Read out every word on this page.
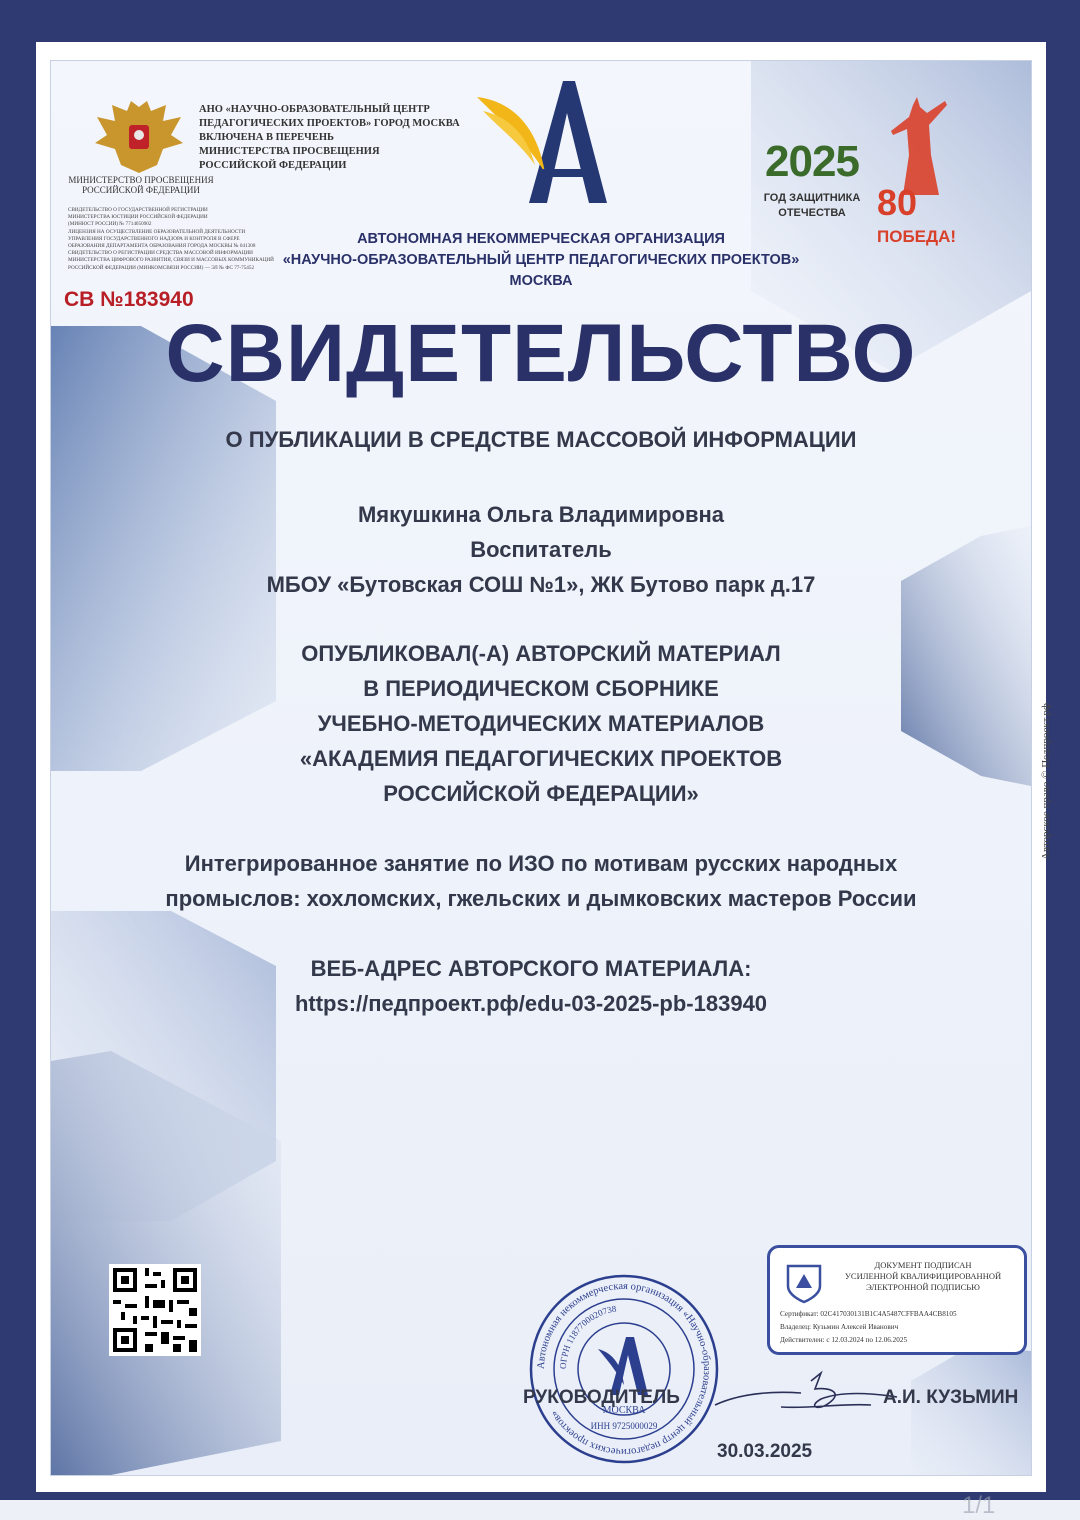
МИНИСТЕРСТВО ПРОСВЕЩЕНИЯ
РОССИЙСКОЙ ФЕДЕРАЦИИ
АНО «НАУЧНО-ОБРАЗОВАТЕЛЬНЫЙ ЦЕНТР
ПЕДАГОГИЧЕСКИХ ПРОЕКТОВ» ГОРОД МОСКВА
ВКЛЮЧЕНА В ПЕРЕЧЕНЬ
МИНИСТЕРСТВА ПРОСВЕЩЕНИЯ
РОССИЙСКОЙ ФЕДЕРАЦИИ
СВИДЕТЕЛЬСТВО О ГОСУДАРСТВЕННОЙ РЕГИСТРАЦИИ
МИНИСТЕРСТВА ЮСТИЦИИ РОССИЙСКОЙ ФЕДЕРАЦИИ
(МИНЮСТ РОССИИ) № 7714050902
ЛИЦЕНЗИЯ НА ОСУЩЕСТВЛЕНИЕ ОБРАЗОВАТЕЛЬНОЙ ДЕЯТЕЛЬНОСТИ
УПРАВЛЕНИЯ ГОСУДАРСТВЕННОГО НАДЗОРА И КОНТРОЛЯ В СФЕРЕ
ОБРАЗОВАНИЯ ДЕПАРТАМЕНТА ОБРАЗОВАНИЯ ГОРОДА МОСКВЫ № 041308
СВИДЕТЕЛЬСТВО О РЕГИСТРАЦИИ СРЕДСТВА МАССОВОЙ ИНФОРМАЦИИ
МИНИСТЕРСТВА ЦИФРОВОГО РАЗВИТИЯ, СВЯЗИ И МАССОВЫХ КОММУНИКАЦИЙ
РОССИЙСКОЙ ФЕДЕРАЦИИ (МИНКОМСВЯЗИ РОССИИ) — ЭЛ № ФС 77-75452
АВТОНОМНАЯ НЕКОММЕРЧЕСКАЯ ОРГАНИЗАЦИЯ
«НАУЧНО-ОБРАЗОВАТЕЛЬНЫЙ ЦЕНТР ПЕДАГОГИЧЕСКИХ ПРОЕКТОВ»
МОСКВА
2025
ГОД ЗАЩИТНИКА
ОТЕЧЕСТВА 80
ПОБЕДА!
СВ №183940
СВИДЕТЕЛЬСТВО
О ПУБЛИКАЦИИ В СРЕДСТВЕ МАССОВОЙ ИНФОРМАЦИИ
Мякушкина Ольга Владимировна
Воспитатель
МБОУ «Бутовская СОШ №1», ЖК Бутово парк д.17
ОПУБЛИКОВАЛ(-А) АВТОРСКИЙ МАТЕРИАЛ
В ПЕРИОДИЧЕСКОМ СБОРНИКЕ
УЧЕБНО-МЕТОДИЧЕСКИХ МАТЕРИАЛОВ
«АКАДЕМИЯ ПЕДАГОГИЧЕСКИХ ПРОЕКТОВ
РОССИЙСКОЙ ФЕДЕРАЦИИ»
Интегрированное занятие по ИЗО по мотивам русских народных
промыслов: хохломских, гжельских и дымковских мастеров России
ВЕБ-АДРЕС АВТОРСКОГО МАТЕРИАЛА:
https://педпроект.рф/edu-03-2025-pb-183940
ДОКУМЕНТ ПОДПИСАН
УСИЛЕННОЙ КВАЛИФИЦИРОВАННОЙ
ЭЛЕКТРОННОЙ ПОДПИСЬЮ
Сертификат: 02C417030131B1C4A5487CFFBAA4CB8105
Владелец: Кузьмин Алексей Иванович
Действителен: с 12.03.2024 по 12.06.2025
Автономная некоммерческая организация «Научно-образовательный центр педагогических проектов»
ОГРН 1187700020738
МОСКВА
ИНН 9725000029
РУКОВОДИТЕЛЬ	А.И. КУЗЬМИН
30.03.2025
Авторское право © Педпроект.рф
1/1
